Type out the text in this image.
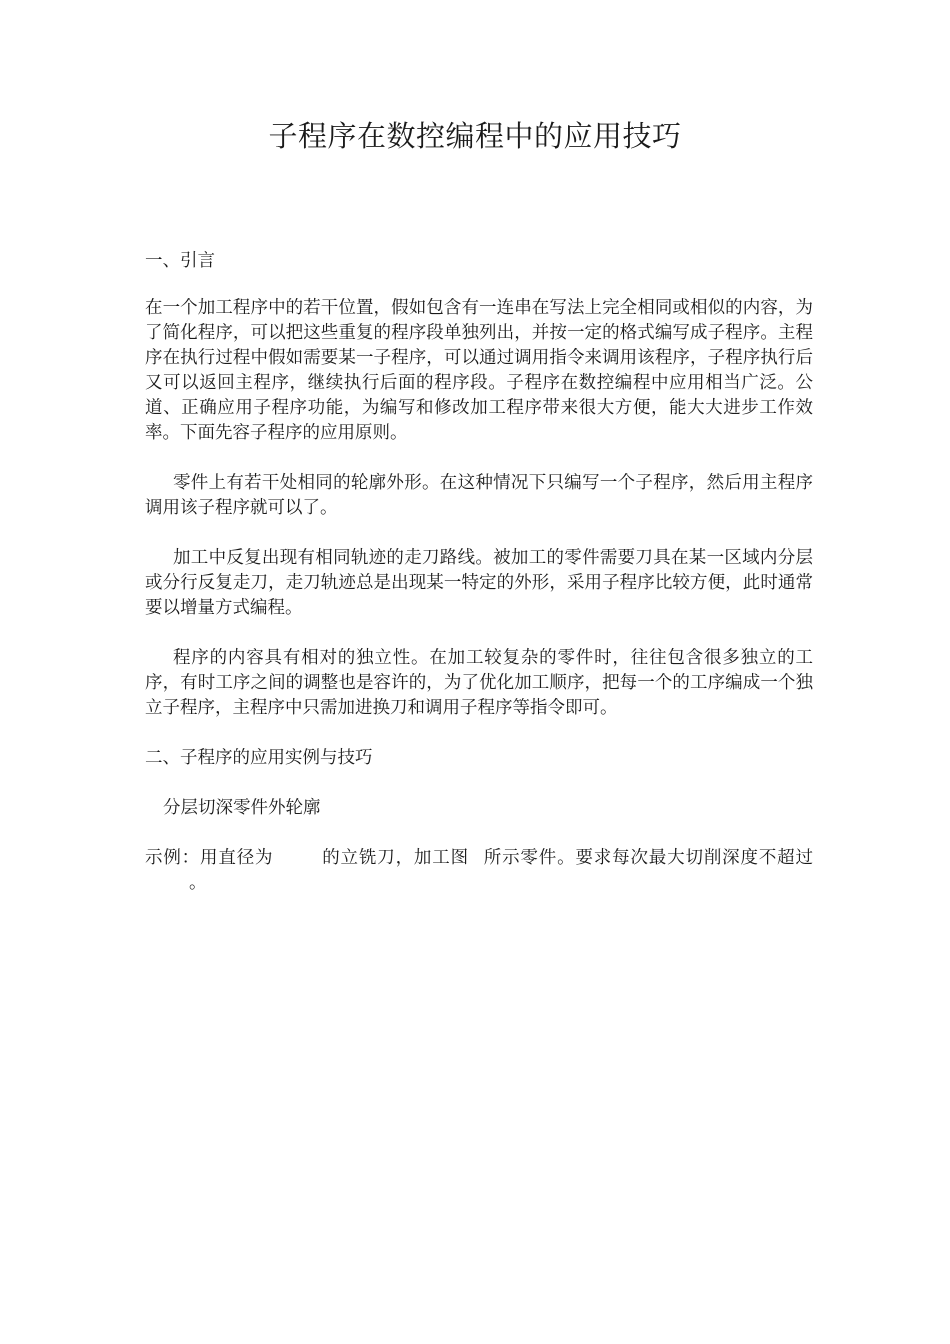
子程序在数控编程中的应用技巧
一、引言
在一个加工程序中的若干位置，假如包含有一连串在写法上完全相同或相似的内容，为了简化程序，可以把这些重复的程序段单独列出，并按一定的格式编写成子程序。主程序在执行过程中假如需要某一子程序，可以通过调用指令来调用该程序，子程序执行后又可以返回主程序，继续执行后面的程序段。子程序在数控编程中应用相当广泛。公道、正确应用子程序功能，为编写和修改加工程序带来很大方便，能大大进步工作效率。下面先容子程序的应用原则。
零件上有若干处相同的轮廓外形。在这种情况下只编写一个子程序，然后用主程序调用该子程序就可以了。
加工中反复出现有相同轨迹的走刀路线。被加工的零件需要刀具在某一区域内分层或分行反复走刀，走刀轨迹总是出现某一特定的外形，采用子程序比较方便，此时通常要以增量方式编程。
程序的内容具有相对的独立性。在加工较复杂的零件时，往往包含很多独立的工序，有时工序之间的调整也是容许的，为了优化加工顺序，把每一个的工序编成一个独立子程序，主程序中只需加进换刀和调用子程序等指令即可。
二、子程序的应用实例与技巧
分层切深零件外轮廓
示例：用直径为	的立铣刀，加工图 所示零件。要求每次最大切削深度不超过。
